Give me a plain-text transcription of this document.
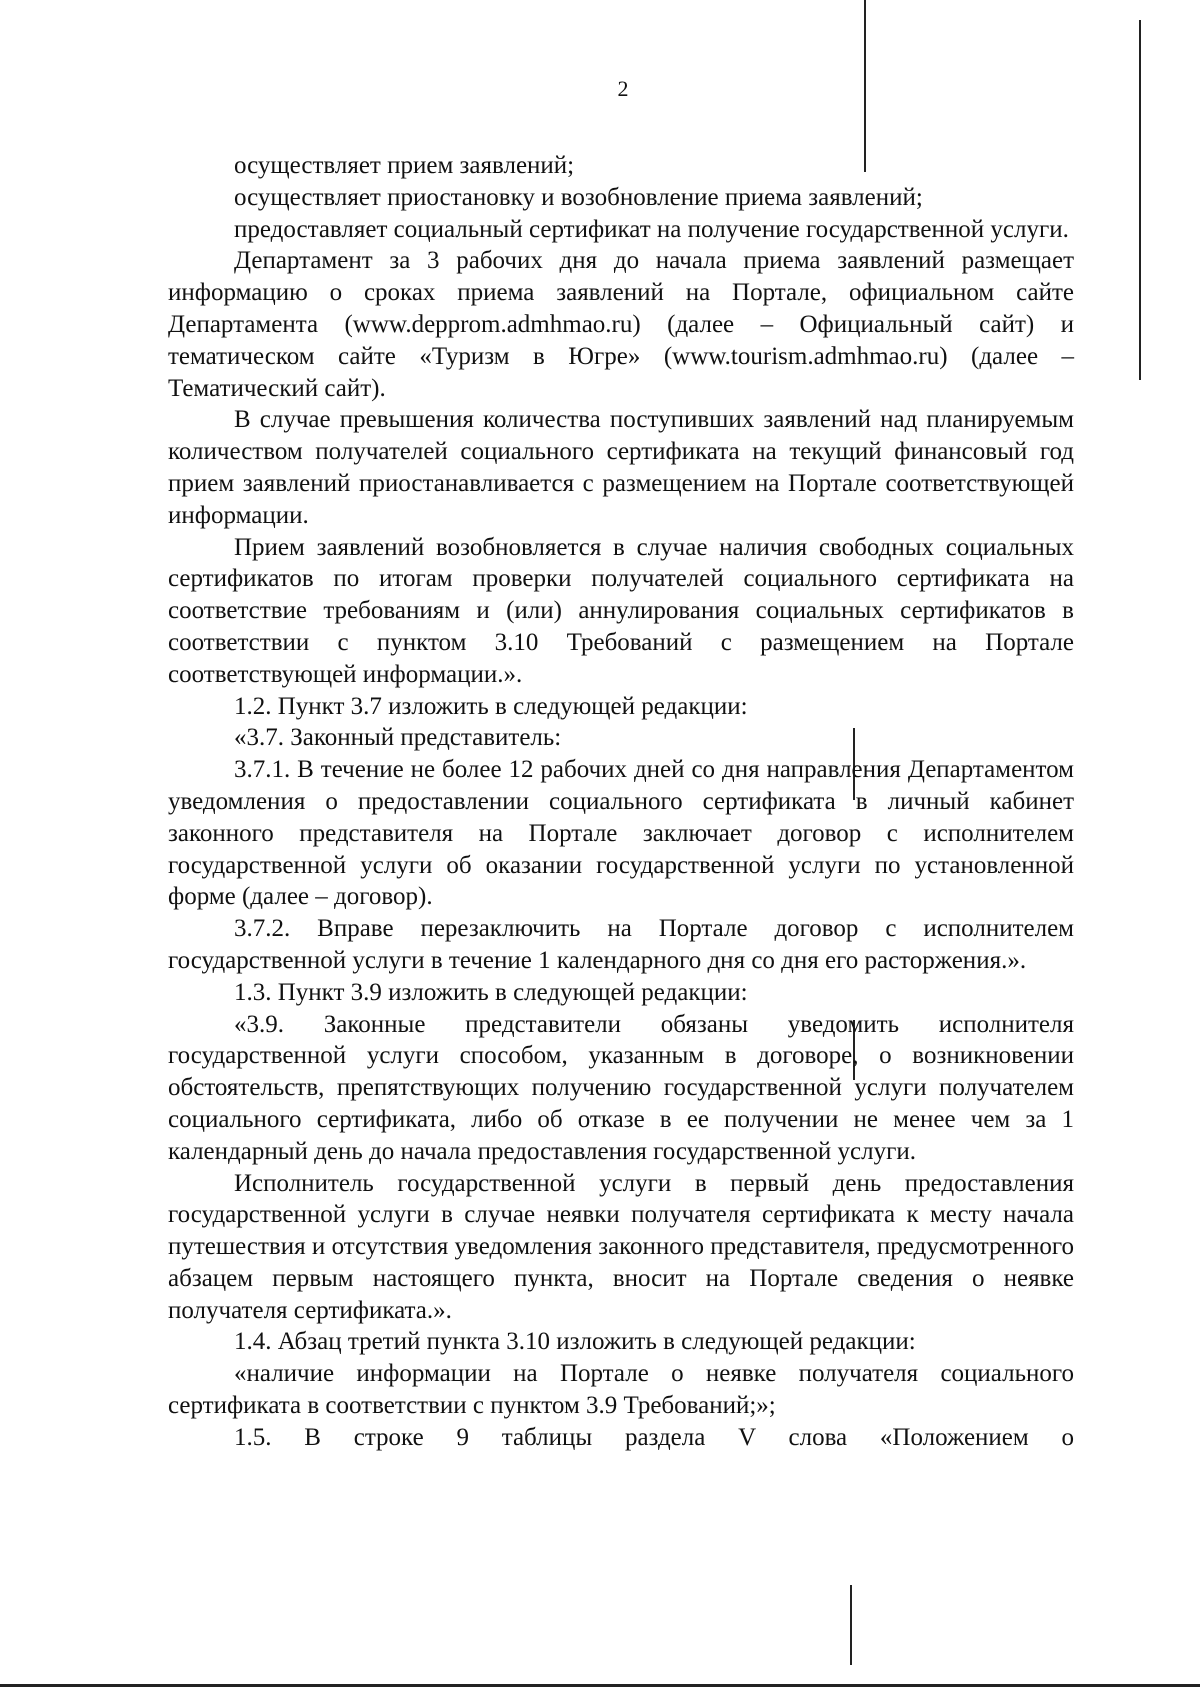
2

осуществляет прием заявлений;

осуществляет приостановку и возобновление приема заявлений;

предоставляет социальный сертификат на получение государственной услуги.

Департамент за 3 рабочих дня до начала приема заявлений размещает информацию о сроках приема заявлений на Портале, официальном сайте Департамента (www.depprom.admhmao.ru) (далее – Официальный сайт) и тематическом сайте «Туризм в Югре» (www.tourism.admhmao.ru) (далее – Тематический сайт).

В случае превышения количества поступивших заявлений над планируемым количеством получателей социального сертификата на текущий финансовый год прием заявлений приостанавливается с размещением на Портале соответствующей информации.

Прием заявлений возобновляется в случае наличия свободных социальных сертификатов по итогам проверки получателей социального сертификата на соответствие требованиям и (или) аннулирования социальных сертификатов в соответствии с пунктом 3.10 Требований с размещением на Портале соответствующей информации.».

1.2. Пункт 3.7 изложить в следующей редакции:

«3.7. Законный представитель:

3.7.1. В течение не более 12 рабочих дней со дня направления Департаментом уведомления о предоставлении социального сертификата в личный кабинет законного представителя на Портале заключает договор с исполнителем государственной услуги об оказании государственной услуги по установленной форме (далее – договор).

3.7.2. Вправе перезаключить на Портале договор с исполнителем государственной услуги в течение 1 календарного дня со дня его расторжения.».

1.3. Пункт 3.9 изложить в следующей редакции:

«3.9. Законные представители обязаны уведомить исполнителя государственной услуги способом, указанным в договоре, о возникновении обстоятельств, препятствующих получению государственной услуги получателем социального сертификата, либо об отказе в ее получении не менее чем за 1 календарный день до начала предоставления государственной услуги.

Исполнитель государственной услуги в первый день предоставления государственной услуги в случае неявки получателя сертификата к месту начала путешествия и отсутствия уведомления законного представителя, предусмотренного абзацем первым настоящего пункта, вносит на Портале сведения о неявке получателя сертификата.».

1.4. Абзац третий пункта 3.10 изложить в следующей редакции:

«наличие информации на Портале о неявке получателя социального сертификата в соответствии с пунктом 3.9 Требований;»;

1.5. В строке 9 таблицы раздела V слова «Положением о
